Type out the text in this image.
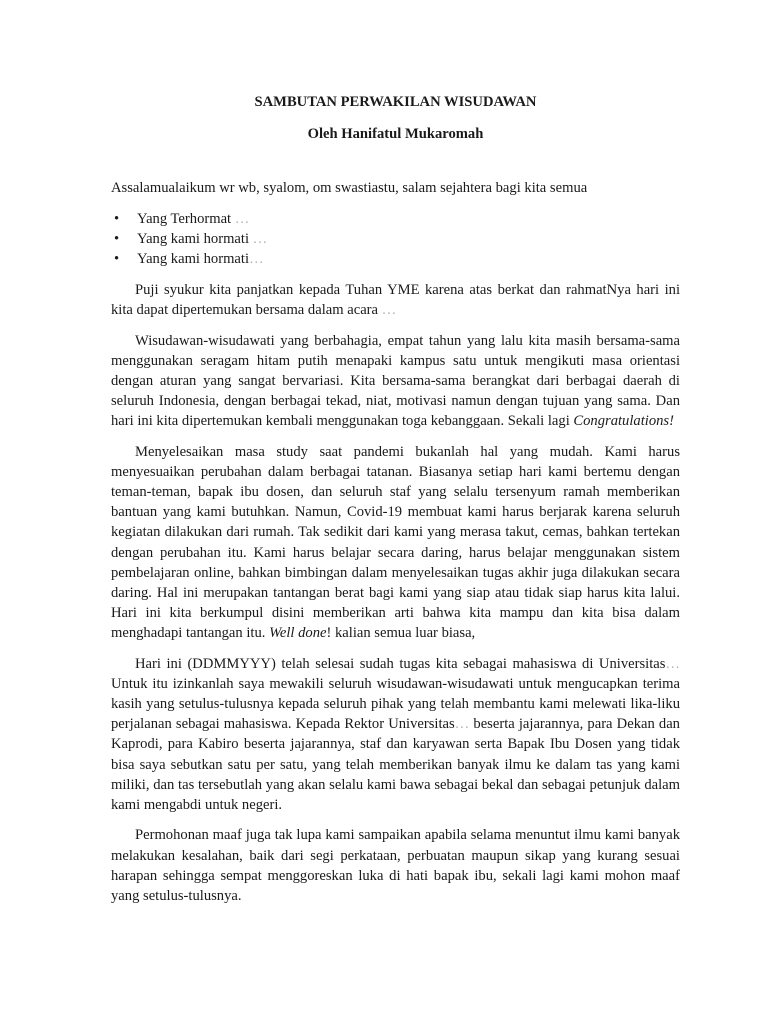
SAMBUTAN PERWAKILAN WISUDAWAN

Oleh Hanifatul Mukaromah

Assalamualaikum wr wb, syalom, om swastiastu, salam sejahtera bagi kita semua

• Yang Terhormat …
• Yang kami hormati …
• Yang kami hormati…

Puji syukur kita panjatkan kepada Tuhan YME karena atas berkat dan rahmatNya hari ini kita dapat dipertemukan bersama dalam acara …

Wisudawan-wisudawati yang berbahagia, empat tahun yang lalu kita masih bersama-sama menggunakan seragam hitam putih menapaki kampus satu untuk mengikuti masa orientasi dengan aturan yang sangat bervariasi. Kita bersama-sama berangkat dari berbagai daerah di seluruh Indonesia, dengan berbagai tekad, niat, motivasi namun dengan tujuan yang sama. Dan hari ini kita dipertemukan kembali menggunakan toga kebanggaan. Sekali lagi Congratulations!

Menyelesaikan masa study saat pandemi bukanlah hal yang mudah. Kami harus menyesuaikan perubahan dalam berbagai tatanan. Biasanya setiap hari kami bertemu dengan teman-teman, bapak ibu dosen, dan seluruh staf yang selalu tersenyum ramah memberikan bantuan yang kami butuhkan. Namun, Covid-19 membuat kami harus berjarak karena seluruh kegiatan dilakukan dari rumah. Tak sedikit dari kami yang merasa takut, cemas, bahkan tertekan dengan perubahan itu. Kami harus belajar secara daring, harus belajar menggunakan sistem pembelajaran online, bahkan bimbingan dalam menyelesaikan tugas akhir juga dilakukan secara daring. Hal ini merupakan tantangan berat bagi kami yang siap atau tidak siap harus kita lalui. Hari ini kita berkumpul disini memberikan arti bahwa kita mampu dan kita bisa dalam menghadapi tantangan itu. Well done! kalian semua luar biasa,

Hari ini (DDMMYYY) telah selesai sudah tugas kita sebagai mahasiswa di Universitas… Untuk itu izinkanlah saya mewakili seluruh wisudawan-wisudawati untuk mengucapkan terima kasih yang setulus-tulusnya kepada seluruh pihak yang telah membantu kami melewati lika-liku perjalanan sebagai mahasiswa. Kepada Rektor Universitas… beserta jajarannya, para Dekan dan Kaprodi, para Kabiro beserta jajarannya, staf dan karyawan serta Bapak Ibu Dosen yang tidak bisa saya sebutkan satu per satu, yang telah memberikan banyak ilmu ke dalam tas yang kami miliki, dan tas tersebutlah yang akan selalu kami bawa sebagai bekal dan sebagai petunjuk dalam kami mengabdi untuk negeri.

Permohonan maaf juga tak lupa kami sampaikan apabila selama menuntut ilmu kami banyak melakukan kesalahan, baik dari segi perkataan, perbuatan maupun sikap yang kurang sesuai harapan sehingga sempat menggoreskan luka di hati bapak ibu, sekali lagi kami mohon maaf yang setulus-tulusnya.
